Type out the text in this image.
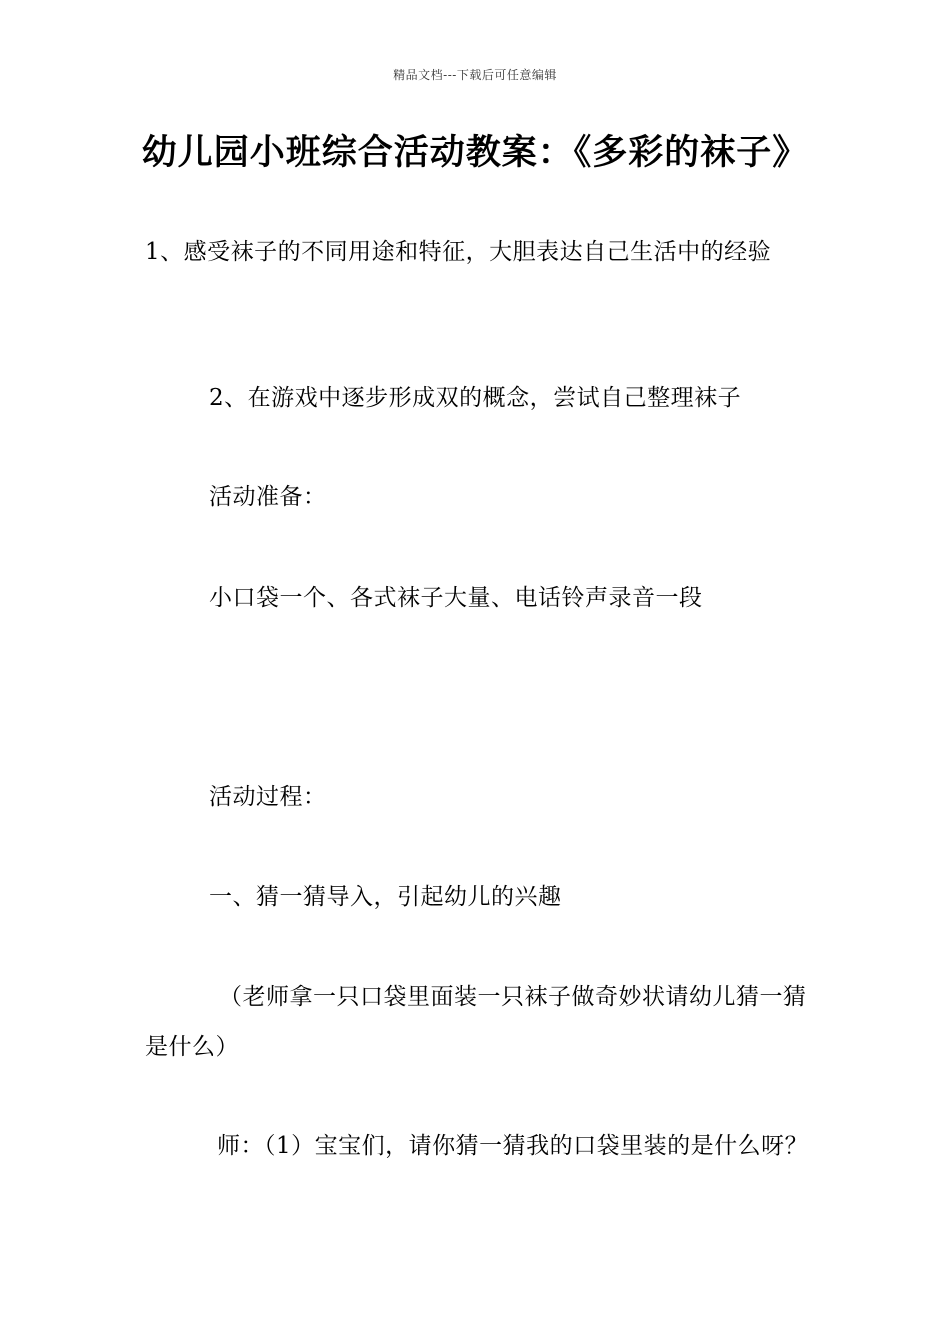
精品文档---下载后可任意编辑
幼儿园小班综合活动教案：《多彩的袜子》
1、感受袜子的不同用途和特征，大胆表达自己生活中的经验
2、在游戏中逐步形成双的概念，尝试自己整理袜子
活动准备：
小口袋一个、各式袜子大量、电话铃声录音一段
活动过程：
一、猜一猜导入，引起幼儿的兴趣
（老师拿一只口袋里面装一只袜子做奇妙状请幼儿猜一猜是什么）
师：（1）宝宝们，请你猜一猜我的口袋里装的是什么呀？
